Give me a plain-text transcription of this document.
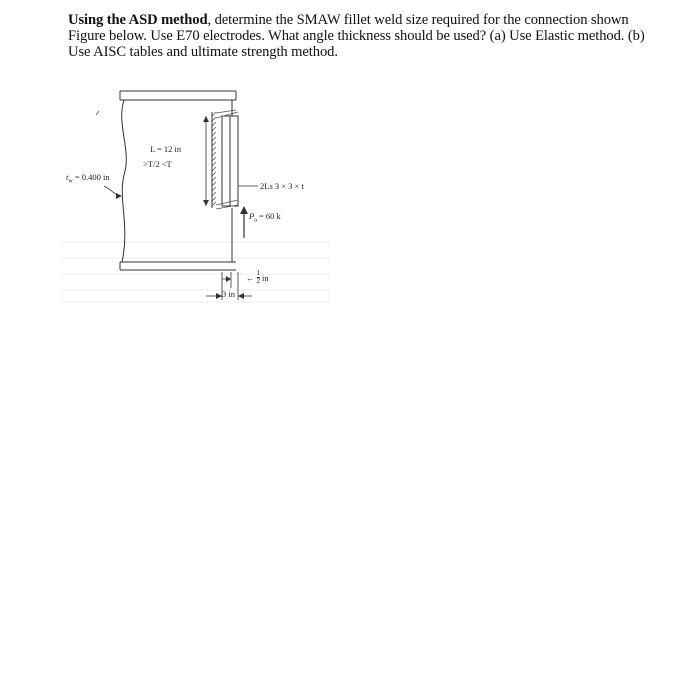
Using the ASD method, determine the SMAW fillet weld size required for the connection shown Figure below. Use E70 electrodes. What angle thickness should be used? (a) Use Elastic method. (b) Use AISC tables and ultimate strength method.
L = 12 in
>T/2 <T
$t_w = 0.400$ in
2Ls 3 × 3 × t
$P_a = 60$ k
← $\frac{1}{2}$ in
3 in
